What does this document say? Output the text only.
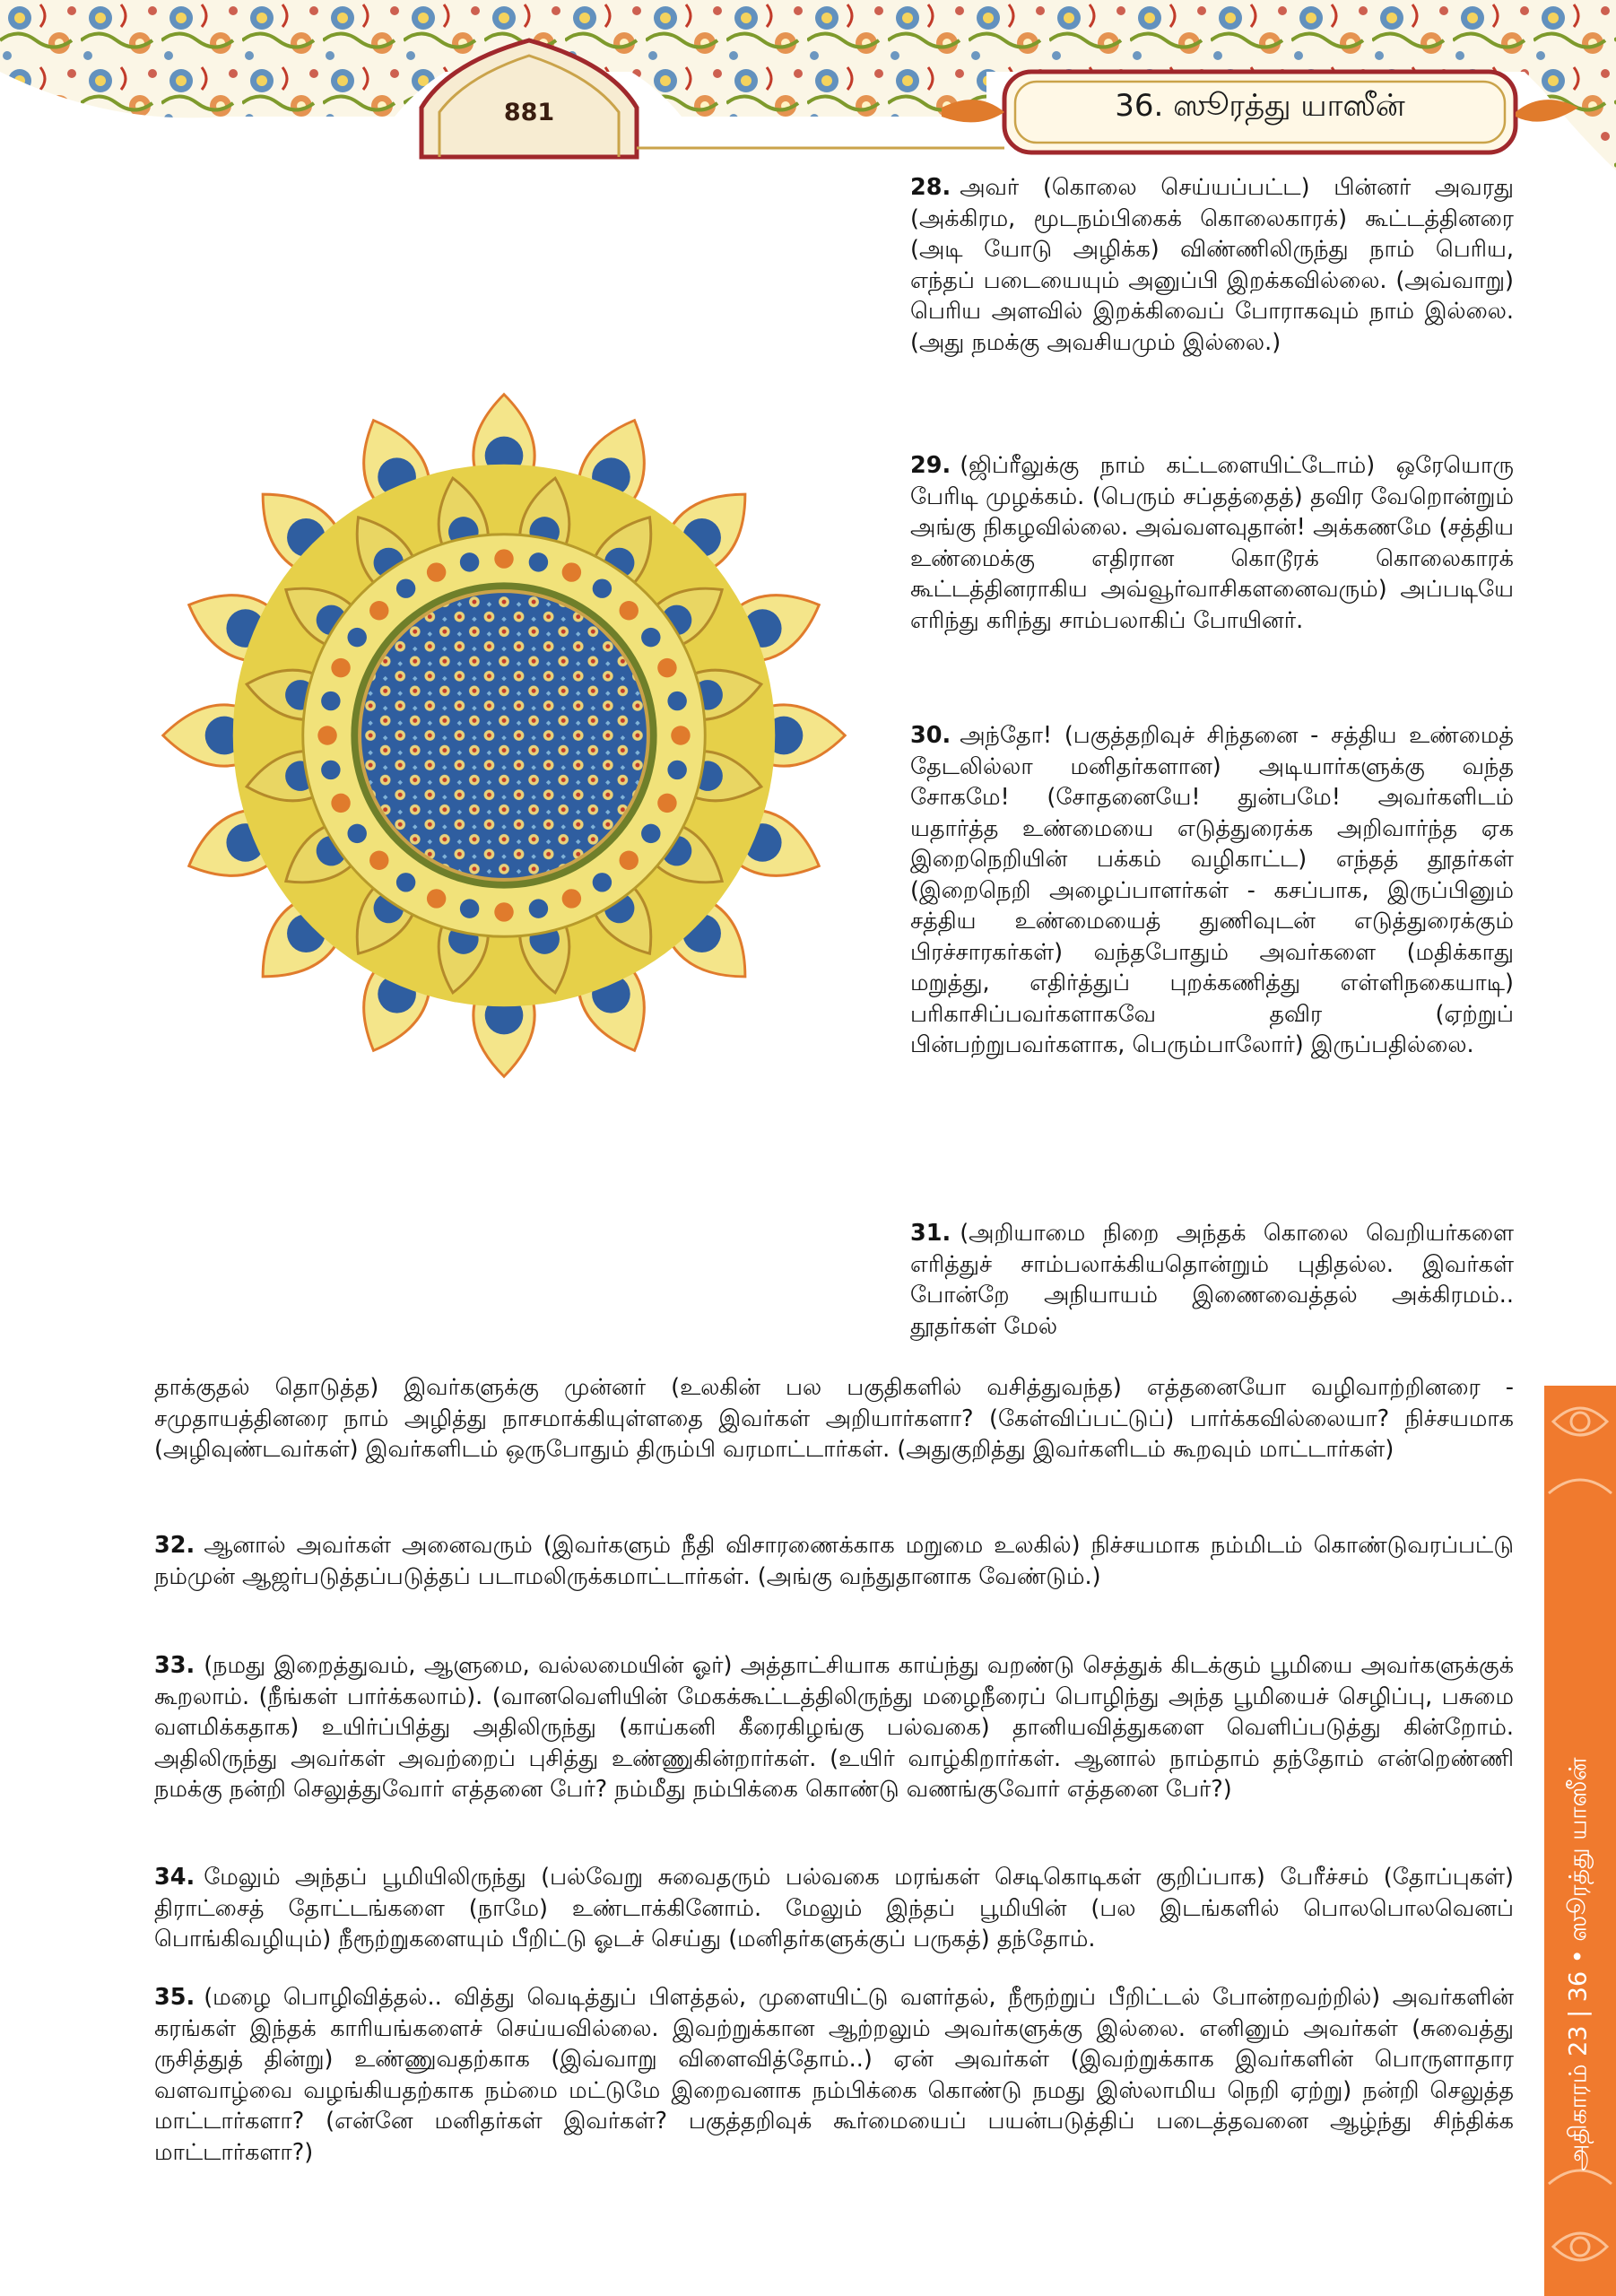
881	36. ஸூரத்து யாஸீன்
அதிகாரம் 23 | 36 • ஸூரத்து யாஸீன்

28. அவர் (கொலை செய்யப்பட்ட) பின்னர் அவரது (அக்கிரம, மூடநம்பிகைக் கொலைகாரக்) கூட்டத்தினரை (அடி யோடு அழிக்க) விண்ணிலிருந்து நாம் பெரிய, எந்தப் படையையும் அனுப்பி இறக்கவில்லை. (அவ்வாறு) பெரிய அளவில் இறக்கிவைப் போராகவும் நாம் இல்லை. (அது நமக்கு அவசியமும் இல்லை.)

29. (ஜிப்ரீலுக்கு நாம் கட்டளையிட்டோம்) ஒரேயொரு பேரிடி முழக்கம். (பெரும் சப்தத்தைத்) தவிர வேறொன்றும் அங்கு நிகழவில்லை. அவ்வளவுதான்! அக்கணமே (சத்திய உண்மைக்கு எதிரான கொடூரக் கொலைகாரக் கூட்டத்தினராகிய அவ்வூர்வாசிகளனைவரும்) அப்படியே எரிந்து கரிந்து சாம்பலாகிப் போயினர்.

30. அந்தோ! (பகுத்தறிவுச் சிந்தனை - சத்திய உண்மைத் தேடலில்லா மனிதர்களான) அடியார்களுக்கு வந்த சோகமே! (சோதனையே! துன்பமே! அவர்களிடம் யதார்த்த உண்மையை எடுத்துரைக்க அறிவார்ந்த ஏக இறைநெறியின் பக்கம் வழிகாட்ட) எந்தத் தூதர்கள் (இறைநெறி அழைப்பாளர்கள் - கசப்பாக, இருப்பினும் சத்திய உண்மையைத் துணிவுடன் எடுத்துரைக்கும் பிரச்சாரகர்கள்) வந்தபோதும் அவர்களை (மதிக்காது மறுத்து, எதிர்த்துப் புறக்கணித்து எள்ளிநகையாடி) பரிகாசிப்பவர்களாகவே தவிர (ஏற்றுப் பின்பற்றுபவர்களாக, பெரும்பாலோர்) இருப்பதில்லை.

31. (அறியாமை நிறை அந்தக் கொலை வெறியர்களை எரித்துச் சாம்பலாக்கியதொன்றும் புதிதல்ல. இவர்கள் போன்றே அநியாயம் இணைவைத்தல் அக்கிரமம்.. தூதர்கள் மேல்

தாக்குதல் தொடுத்த) இவர்களுக்கு முன்னர் (உலகின் பல பகுதிகளில் வசித்துவந்த) எத்தனையோ வழிவாற்றினரை - சமுதாயத்தினரை நாம் அழித்து நாசமாக்கியுள்ளதை இவர்கள் அறியார்களா? (கேள்விப்பட்டுப்) பார்க்கவில்லையா? நிச்சயமாக (அழிவுண்டவர்கள்) இவர்களிடம் ஒருபோதும் திரும்பி வரமாட்டார்கள். (அதுகுறித்து இவர்களிடம் கூறவும் மாட்டார்கள்)

32. ஆனால் அவர்கள் அனைவரும் (இவர்களும் நீதி விசாரணைக்காக மறுமை உலகில்) நிச்சயமாக நம்மிடம் கொண்டுவரப்பட்டு நம்முன் ஆஜர்படுத்தப்படுத்தப் படாமலிருக்கமாட்டார்கள். (அங்கு வந்துதானாக வேண்டும்.)

33. (நமது இறைத்துவம், ஆளுமை, வல்லமையின் ஓர்) அத்தாட்சியாக காய்ந்து வறண்டு செத்துக் கிடக்கும் பூமியை அவர்களுக்குக் கூறலாம். (நீங்கள் பார்க்கலாம்). (வானவெளியின் மேகக்கூட்டத்திலிருந்து மழைநீரைப் பொழிந்து அந்த பூமியைச் செழிப்பு, பசுமை வளமிக்கதாக) உயிர்ப்பித்து அதிலிருந்து (காய்கனி கீரைகிழங்கு பல்வகை) தானியவித்துகளை வெளிப்படுத்து கின்றோம். அதிலிருந்து அவர்கள் அவற்றைப் புசித்து உண்ணுகின்றார்கள். (உயிர் வாழ்கிறார்கள். ஆனால் நாம்தாம் தந்தோம் என்றெண்ணி நமக்கு நன்றி செலுத்துவோர் எத்தனை பேர்? நம்மீது நம்பிக்கை கொண்டு வணங்குவோர் எத்தனை பேர்?)

34. மேலும் அந்தப் பூமியிலிருந்து (பல்வேறு சுவைதரும் பல்வகை மரங்கள் செடிகொடிகள் குறிப்பாக) பேரீச்சம் (தோப்புகள்) திராட்சைத் தோட்டங்களை (நாமே) உண்டாக்கினோம். மேலும் இந்தப் பூமியின் (பல இடங்களில் பொலபொலவெனப் பொங்கிவழியும்) நீரூற்றுகளையும் பீறிட்டு ஓடச் செய்து (மனிதர்களுக்குப் பருகத்) தந்தோம்.

35. (மழை பொழிவித்தல்.. வித்து வெடித்துப் பிளத்தல், முளையிட்டு வளர்தல், நீரூற்றுப் பீறிட்டல் போன்றவற்றில்) அவர்களின் கரங்கள் இந்தக் காரியங்களைச் செய்யவில்லை. இவற்றுக்கான ஆற்றலும் அவர்களுக்கு இல்லை. எனினும் அவர்கள் (சுவைத்து ருசித்துத் தின்று) உண்ணுவதற்காக (இவ்வாறு விளைவித்தோம்..) ஏன் அவர்கள் (இவற்றுக்காக இவர்களின் பொருளாதார வளவாழ்வை வழங்கியதற்காக நம்மை மட்டுமே இறைவனாக நம்பிக்கை கொண்டு நமது இஸ்லாமிய நெறி ஏற்று) நன்றி செலுத்த மாட்டார்களா? (என்னே மனிதர்கள் இவர்கள்? பகுத்தறிவுக் கூர்மையைப் பயன்படுத்திப் படைத்தவனை ஆழ்ந்து சிந்திக்க மாட்டார்களா?)
